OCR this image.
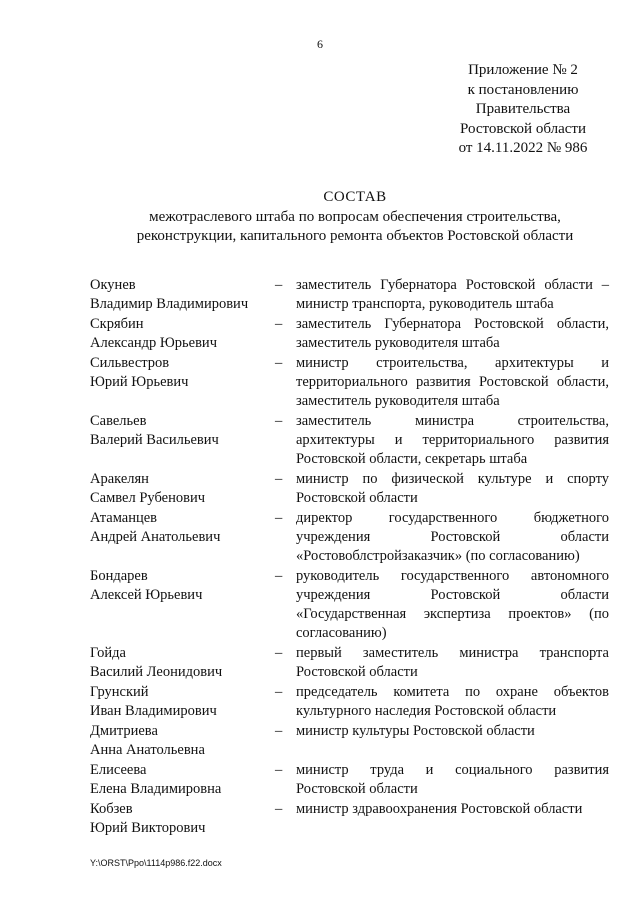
6
Приложение № 2
к постановлению
Правительства
Ростовской области
от 14.11.2022 № 986
СОСТАВ
межотраслевого штаба по вопросам обеспечения строительства,
реконструкции, капитального ремонта объектов Ростовской области
Окунев
Владимир Владимирович
– заместитель Губернатора Ростовской области – министр транспорта, руководитель штаба
Скрябин
Александр Юрьевич
– заместитель Губернатора Ростовской области, заместитель руководителя штаба
Сильвестров
Юрий Юрьевич
– министр строительства, архитектуры и территориального развития Ростовской области, заместитель руководителя штаба
Савельев
Валерий Васильевич
– заместитель министра строительства, архитектуры и территориального развития Ростовской области, секретарь штаба
Аракелян
Самвел Рубенович
– министр по физической культуре и спорту Ростовской области
Атаманцев
Андрей Анатольевич
– директор государственного бюджетного учреждения Ростовской области «Ростовоблстройзаказчик» (по согласованию)
Бондарев
Алексей Юрьевич
– руководитель государственного автономного учреждения Ростовской области «Государственная экспертиза проектов» (по согласованию)
Гойда
Василий Леонидович
– первый заместитель министра транспорта Ростовской области
Грунский
Иван Владимирович
– председатель комитета по охране объектов культурного наследия Ростовской области
Дмитриева
Анна Анатольевна
– министр культуры Ростовской области
Елисеева
Елена Владимировна
– министр труда и социального развития Ростовской области
Кобзев
Юрий Викторович
– министр здравоохранения Ростовской области
Y:\ORST\Ppo\1114p986.f22.docx
